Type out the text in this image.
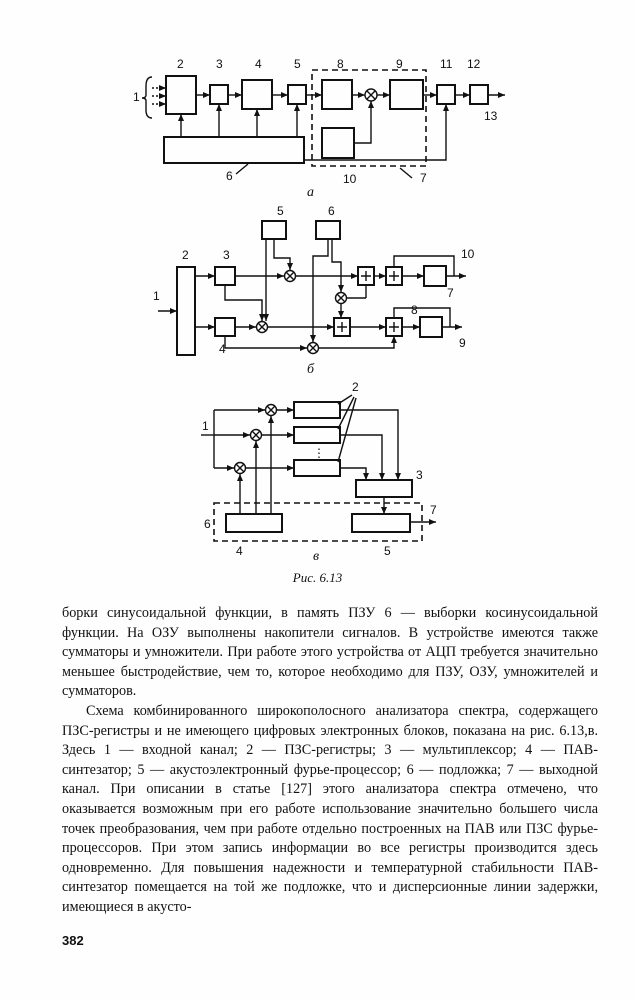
1
2	3	4	5	8	9	11 12
13
6	10	7
а
1
2	3
4
5	6
7
8
9
10
б
⋮
1
2
3
4	5
6
7
в
Рис. 6.13

борки синусоидальной функции, в память ПЗУ 6 — выборки косинусоидальной функции. На ОЗУ выполнены накопители сигналов. В устройстве имеются также сумматоры и умножители. При работе этого устройства от АЦП требуется значительно меньшее быстродействие, чем то, которое необходимо для ПЗУ, ОЗУ, умножителей и сумматоров.

Схема комбинированного широкополосного анализатора спектра, содержащего ПЗС-регистры и не имеющего цифровых электронных блоков, показана на рис. 6.13,в. Здесь 1 — входной канал; 2 — ПЗС-регистры; 3 — мультиплексор; 4 — ПАВ-синтезатор; 5 — акустоэлектронный фурье-процессор; 6 — подложка; 7 — выходной канал. При описании в статье [127] этого анализатора спектра отмечено, что оказывается возможным при его работе использование значительно большего числа точек преобразования, чем при работе отдельно построенных на ПАВ или ПЗС фурье-процессоров. При этом запись информации во все регистры производится здесь одновременно. Для повышения надежности и температурной стабильности ПАВ-синтезатор помещается на той же подложке, что и дисперсионные линии задержки, имеющиеся в акусто-

382
